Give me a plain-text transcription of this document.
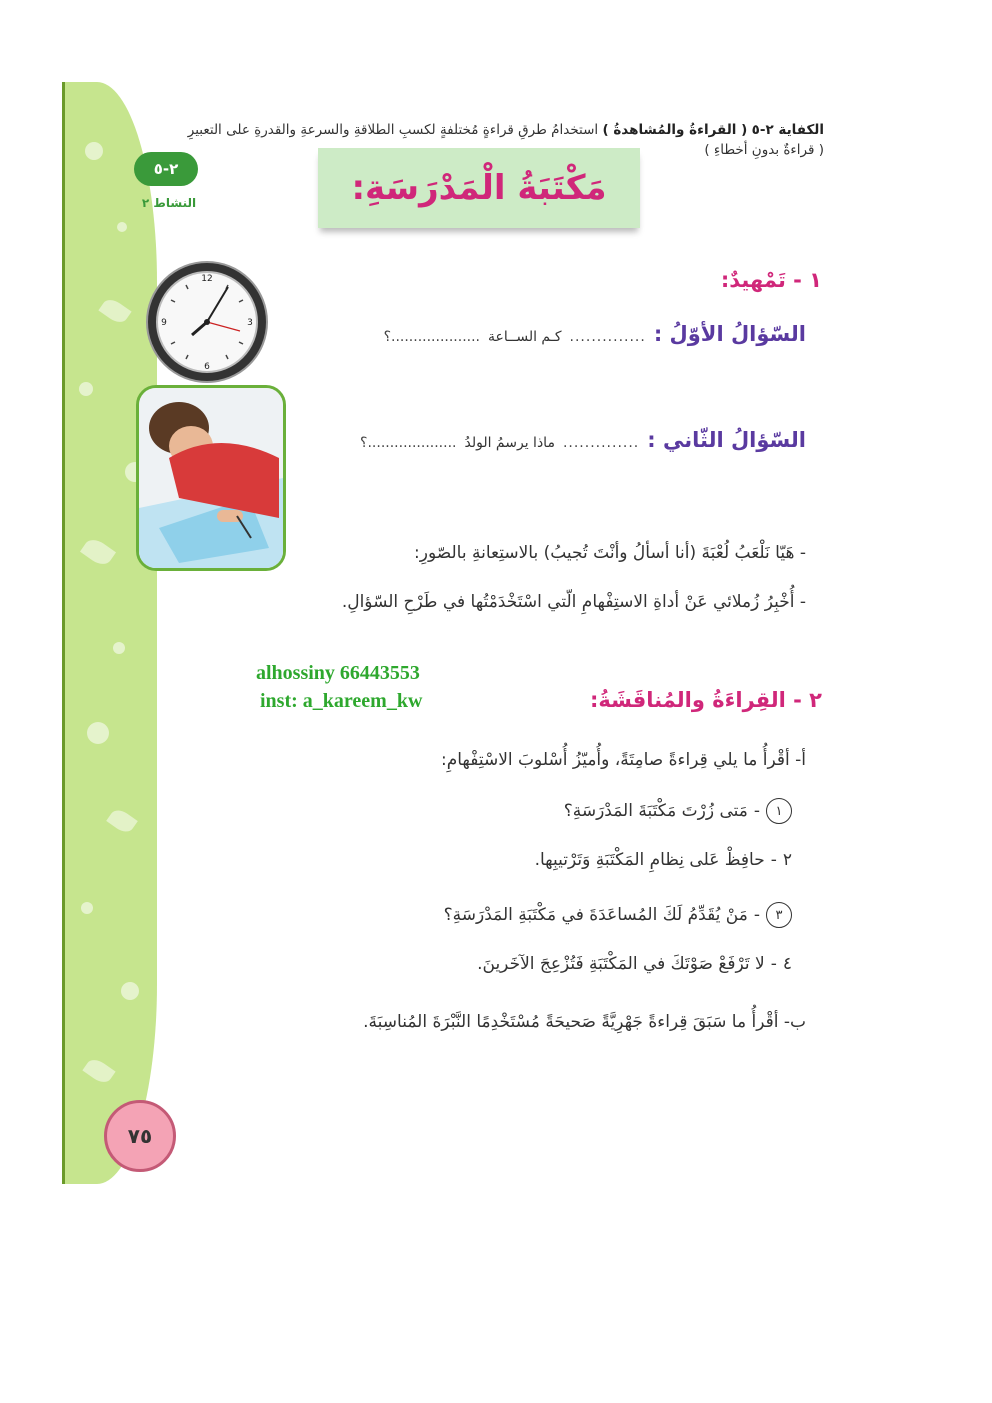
الكفاية ٢-٥ ( القراءةُ والمُشاهدةُ ) استخدامُ طرقِ قراءةٍ مُختلفةٍ لكسبِ الطلاقةِ والسرعةِ والقدرةِ على التعبيرِ
( قراءةٌ بدونِ أخطاءِ )
٢-٥
النشاط ٢	مَكْتَبَةُ الْمَدْرَسَةِ:
١ - تَمْهيدٌ:
السّؤالُ الأوّلُ :
..............
كـم الســاعة
....................؟
12
3
6
9
السّؤالُ الثّاني :
..............
ماذا يرسمُ الولدُ
....................؟
- هَيّا نَلْعَبُ لُعْبَةَ (أنا أسألُ وأنْتَ تُجيبُ) بالاستِعانةِ بالصّورِ:
- أُخْبِرُ زُملائي عَنْ أداةِ الاستِفْهامِ الّتي اسْتَخْدَمْتُها في طَرْحِ السّؤالِ.
alhossiny 66443553
inst: a_kareem_kw	٢ - القِراءَةُ والمُناقَشَةُ:
أ- أقْرأُ ما يلي قِراءةً صامِتَةً، وأُميّزُ أُسْلوبَ الاسْتِفْهامِ:
١
-
مَتى زُرْتَ مَكْتَبَةَ المَدْرَسَةِ؟
٢
-
حافِظْ عَلى نِظامِ المَكْتَبَةِ وَتَرْتيبِها.
٣
-
مَنْ يُقَدِّمُ لَكَ المُساعَدَةَ في مَكْتَبَةِ المَدْرَسَةِ؟
٤
-
لا تَرْفَعْ صَوْتَكَ في المَكْتَبَةِ فَتُزْعِجَ الآخَرينَ.
ب- أقْرأُ ما سَبَقَ قِراءةً جَهْرِيَّةً صَحيحَةً مُسْتَخْدِمًا النَّبْرَةَ المُناسِبَةَ.
٧٥
